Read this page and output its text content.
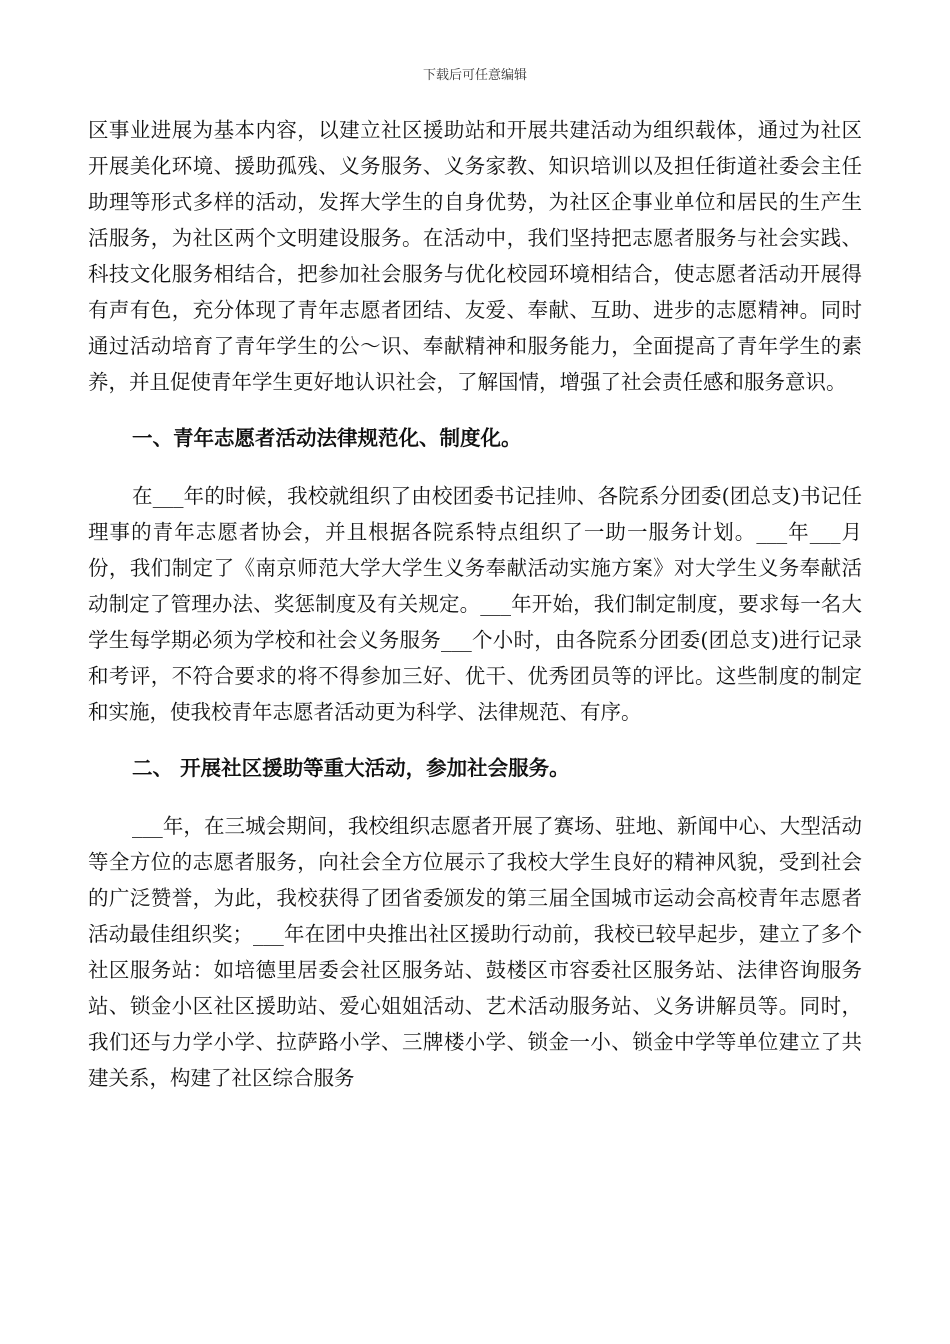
下载后可任意编辑

区事业进展为基本内容，以建立社区援助站和开展共建活动为组织载体，通过为社区开展美化环境、援助孤残、义务服务、义务家教、知识培训以及担任街道社委会主任助理等形式多样的活动，发挥大学生的自身优势，为社区企事业单位和居民的生产生活服务，为社区两个文明建设服务。在活动中，我们坚持把志愿者服务与社会实践、科技文化服务相结合，把参加社会服务与优化校园环境相结合，使志愿者活动开展得有声有色，充分体现了青年志愿者团结、友爱、奉献、互助、进步的志愿精神。同时通过活动培育了青年学生的公～识、奉献精神和服务能力，全面提高了青年学生的素养，并且促使青年学生更好地认识社会，了解国情，增强了社会责任感和服务意识。

一、青年志愿者活动法律规范化、制度化。

在___年的时候，我校就组织了由校团委书记挂帅、各院系分团委(团总支)书记任理事的青年志愿者协会，并且根据各院系特点组织了一助一服务计划。___年___月份，我们制定了《南京师范大学大学生义务奉献活动实施方案》对大学生义务奉献活动制定了管理办法、奖惩制度及有关规定。___年开始，我们制定制度，要求每一名大学生每学期必须为学校和社会义务服务___个小时，由各院系分团委(团总支)进行记录和考评，不符合要求的将不得参加三好、优干、优秀团员等的评比。这些制度的制定和实施，使我校青年志愿者活动更为科学、法律规范、有序。

二、 开展社区援助等重大活动，参加社会服务。

___年，在三城会期间，我校组织志愿者开展了赛场、驻地、新闻中心、大型活动等全方位的志愿者服务，向社会全方位展示了我校大学生良好的精神风貌，受到社会的广泛赞誉，为此，我校获得了团省委颁发的第三届全国城市运动会高校青年志愿者活动最佳组织奖；___年在团中央推出社区援助行动前，我校已较早起步，建立了多个社区服务站：如培德里居委会社区服务站、鼓楼区市容委社区服务站、法律咨询服务站、锁金小区社区援助站、爱心姐姐活动、艺术活动服务站、义务讲解员等。同时，我们还与力学小学、拉萨路小学、三牌楼小学、锁金一小、锁金中学等单位建立了共建关系，构建了社区综合服务
